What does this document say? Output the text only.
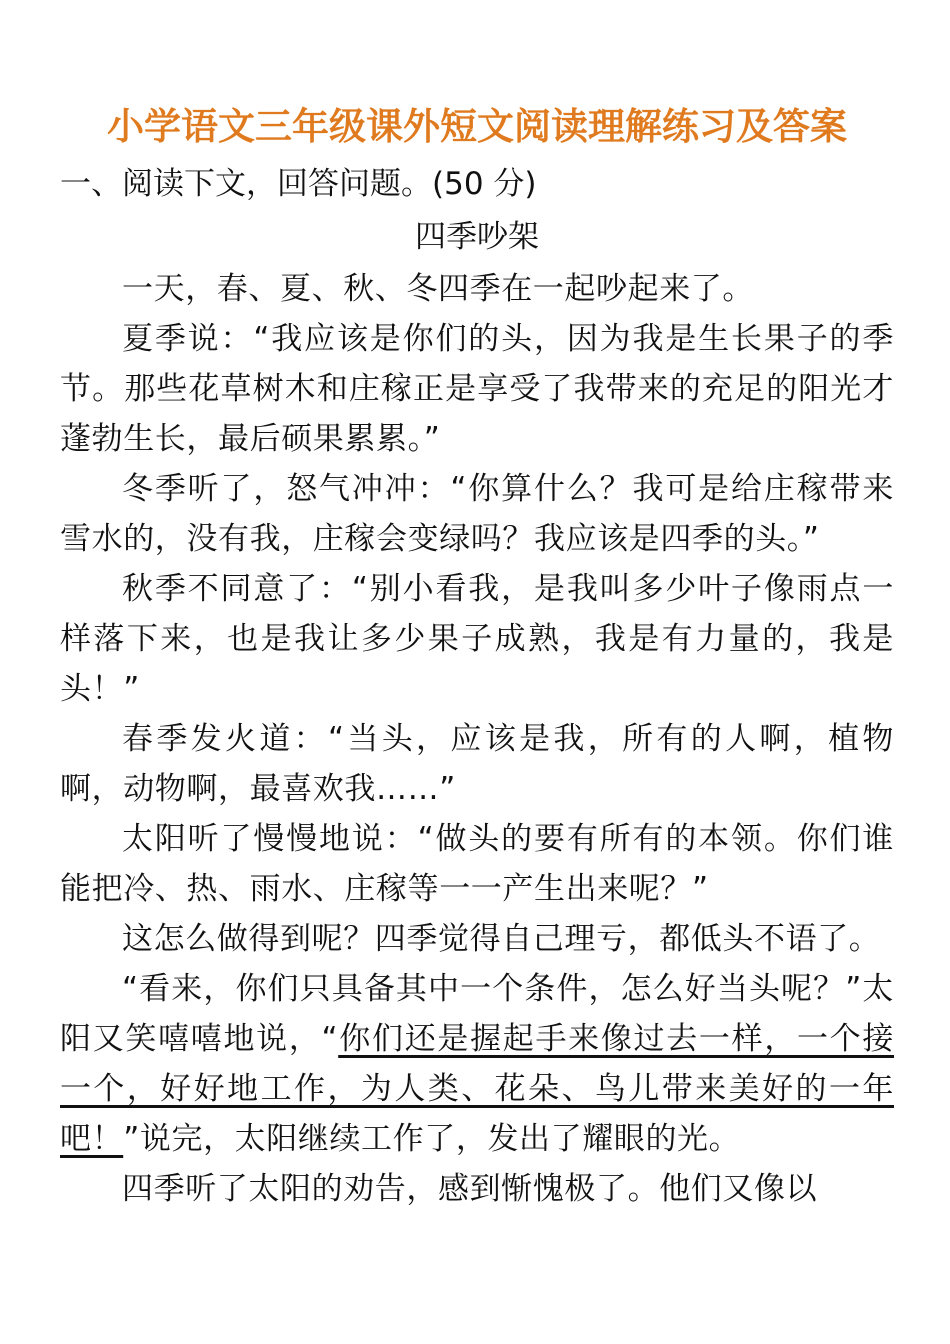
小学语文三年级课外短文阅读理解练习及答案

一、阅读下文，回答问题。(50 分)

四季吵架

一天，春、夏、秋、冬四季在一起吵起来了。

夏季说：“我应该是你们的头，因为我是生长果子的季节。那些花草树木和庄稼正是享受了我带来的充足的阳光才蓬勃生长，最后硕果累累。”

冬季听了，怒气冲冲：“你算什么？我可是给庄稼带来雪水的，没有我，庄稼会变绿吗？我应该是四季的头。”

秋季不同意了：“别小看我，是我叫多少叶子像雨点一样落下来，也是我让多少果子成熟，我是有力量的，我是头！”

春季发火道：“当头，应该是我，所有的人啊，植物啊，动物啊，最喜欢我……”

太阳听了慢慢地说：“做头的要有所有的本领。你们谁能把冷、热、雨水、庄稼等一一产生出来呢？”

这怎么做得到呢？四季觉得自己理亏，都低头不语了。

“看来，你们只具备其中一个条件，怎么好当头呢？”太阳又笑嘻嘻地说，“你们还是握起手来像过去一样，一个接一个，好好地工作，为人类、花朵、鸟儿带来美好的一年吧！”说完，太阳继续工作了，发出了耀眼的光。

四季听了太阳的劝告，感到惭愧极了。他们又像以
